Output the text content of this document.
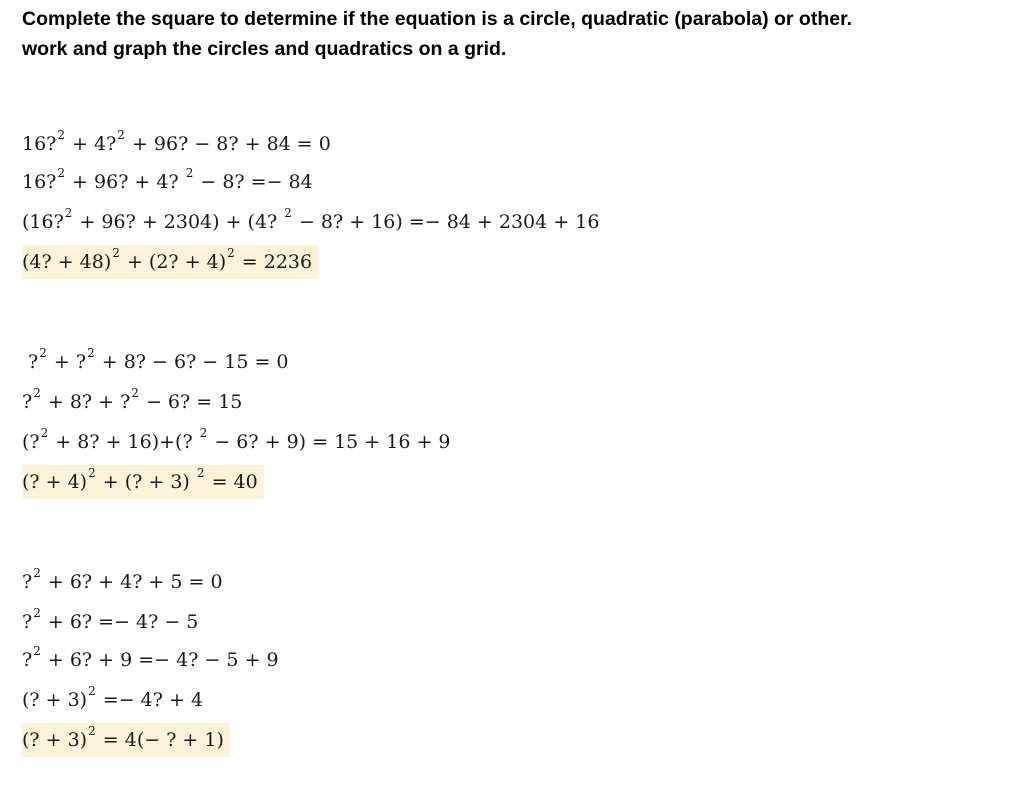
Complete the square to determine if the equation is a circle, quadratic (parabola) or other.
work and graph the circles and quadratics on a grid.
16?$^2$ + 4?$^2$ + 96? − 8? + 84 = 0
16?$^2$ + 96? + 4? $^2$ − 8? =− 84
(16?$^2$ + 96? + 2304) + (4? $^2$ − 8? + 16) =− 84 + 2304 + 16
(4? + 48)$^2$ + (2? + 4)$^2$ = 2236
?$^2$ + ?$^2$ + 8? − 6? − 15 = 0
?$^2$ + 8? + ?$^2$ − 6? = 15
(?$^2$ + 8? + 16)+(? $^2$ − 6? + 9) = 15 + 16 + 9
(? + 4)$^2$ + (? + 3) $^2$ = 40
?$^2$ + 6? + 4? + 5 = 0
?$^2$ + 6? =− 4? − 5
?$^2$ + 6? + 9 =− 4? − 5 + 9
(? + 3)$^2$ =− 4? + 4
(? + 3)$^2$ = 4(− ? + 1)
